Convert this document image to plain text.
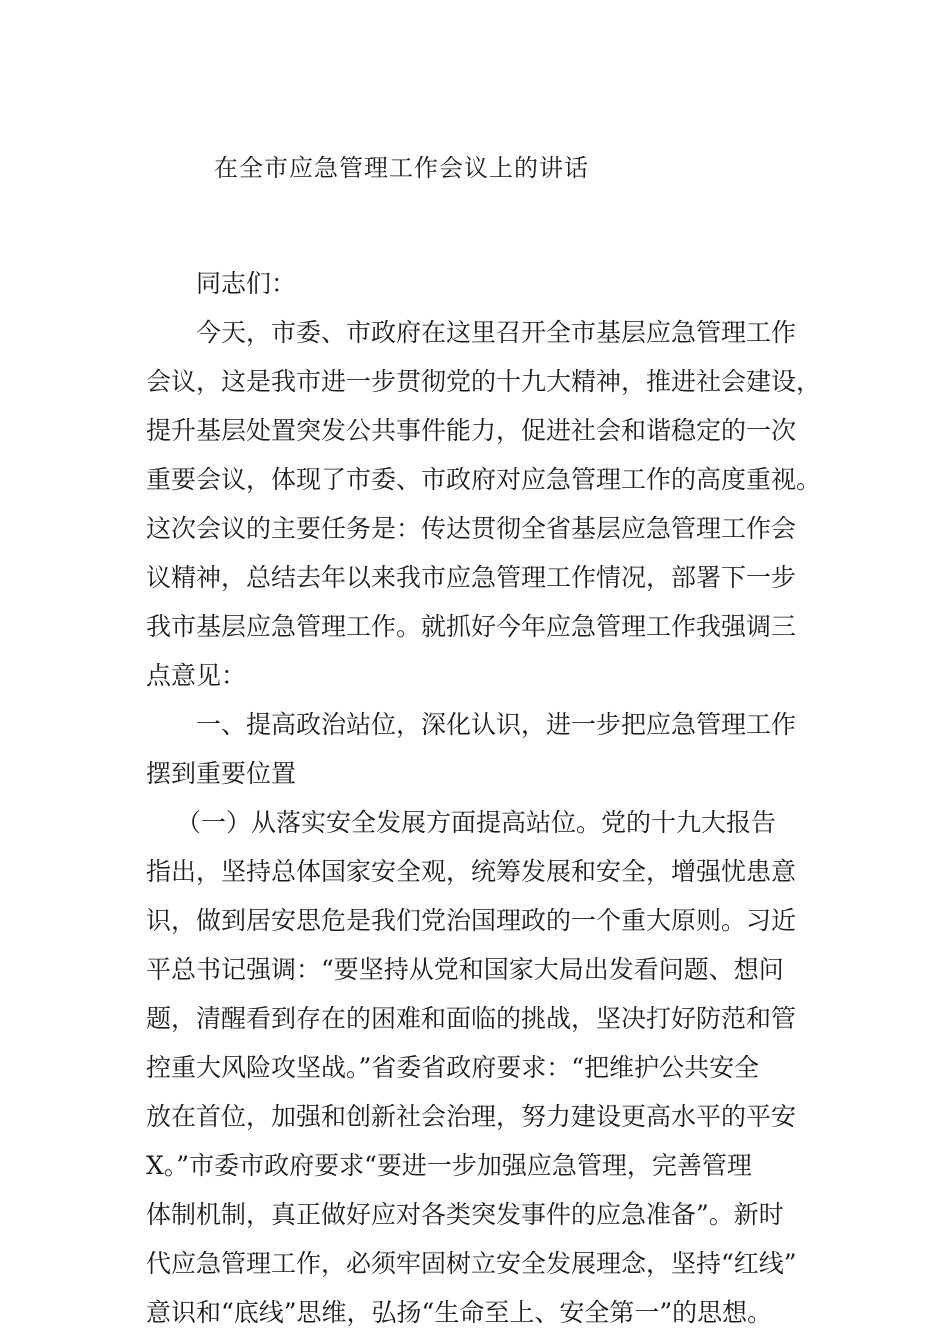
在全市应急管理工作会议上的讲话
同志们：
今天，市委、市政府在这里召开全市基层应急管理工作
会议，这是我市进一步贯彻党的十九大精神，推进社会建设，
提升基层处置突发公共事件能力，促进社会和谐稳定的一次
重要会议，体现了市委、市政府对应急管理工作的高度重视。
这次会议的主要任务是：传达贯彻全省基层应急管理工作会
议精神，总结去年以来我市应急管理工作情况，部署下一步
我市基层应急管理工作。就抓好今年应急管理工作我强调三
点意见：
一、提高政治站位，深化认识，进一步把应急管理工作
摆到重要位置
（一）从落实安全发展方面提高站位。党的十九大报告
指出，坚持总体国家安全观，统筹发展和安全，增强忧患意
识，做到居安思危是我们党治国理政的一个重大原则。习近
平总书记强调：“要坚持从党和国家大局出发看问题、想问
题，清醒看到存在的困难和面临的挑战，坚决打好防范和管
控重大风险攻坚战。”省委省政府要求：“把维护公共安全
放在首位，加强和创新社会治理，努力建设更高水平的平安
X。”市委市政府要求“要进一步加强应急管理，完善管理
体制机制，真正做好应对各类突发事件的应急准备”。新时
代应急管理工作，必须牢固树立安全发展理念，坚持“红线”
意识和“底线”思维，弘扬“生命至上、安全第一”的思想。
